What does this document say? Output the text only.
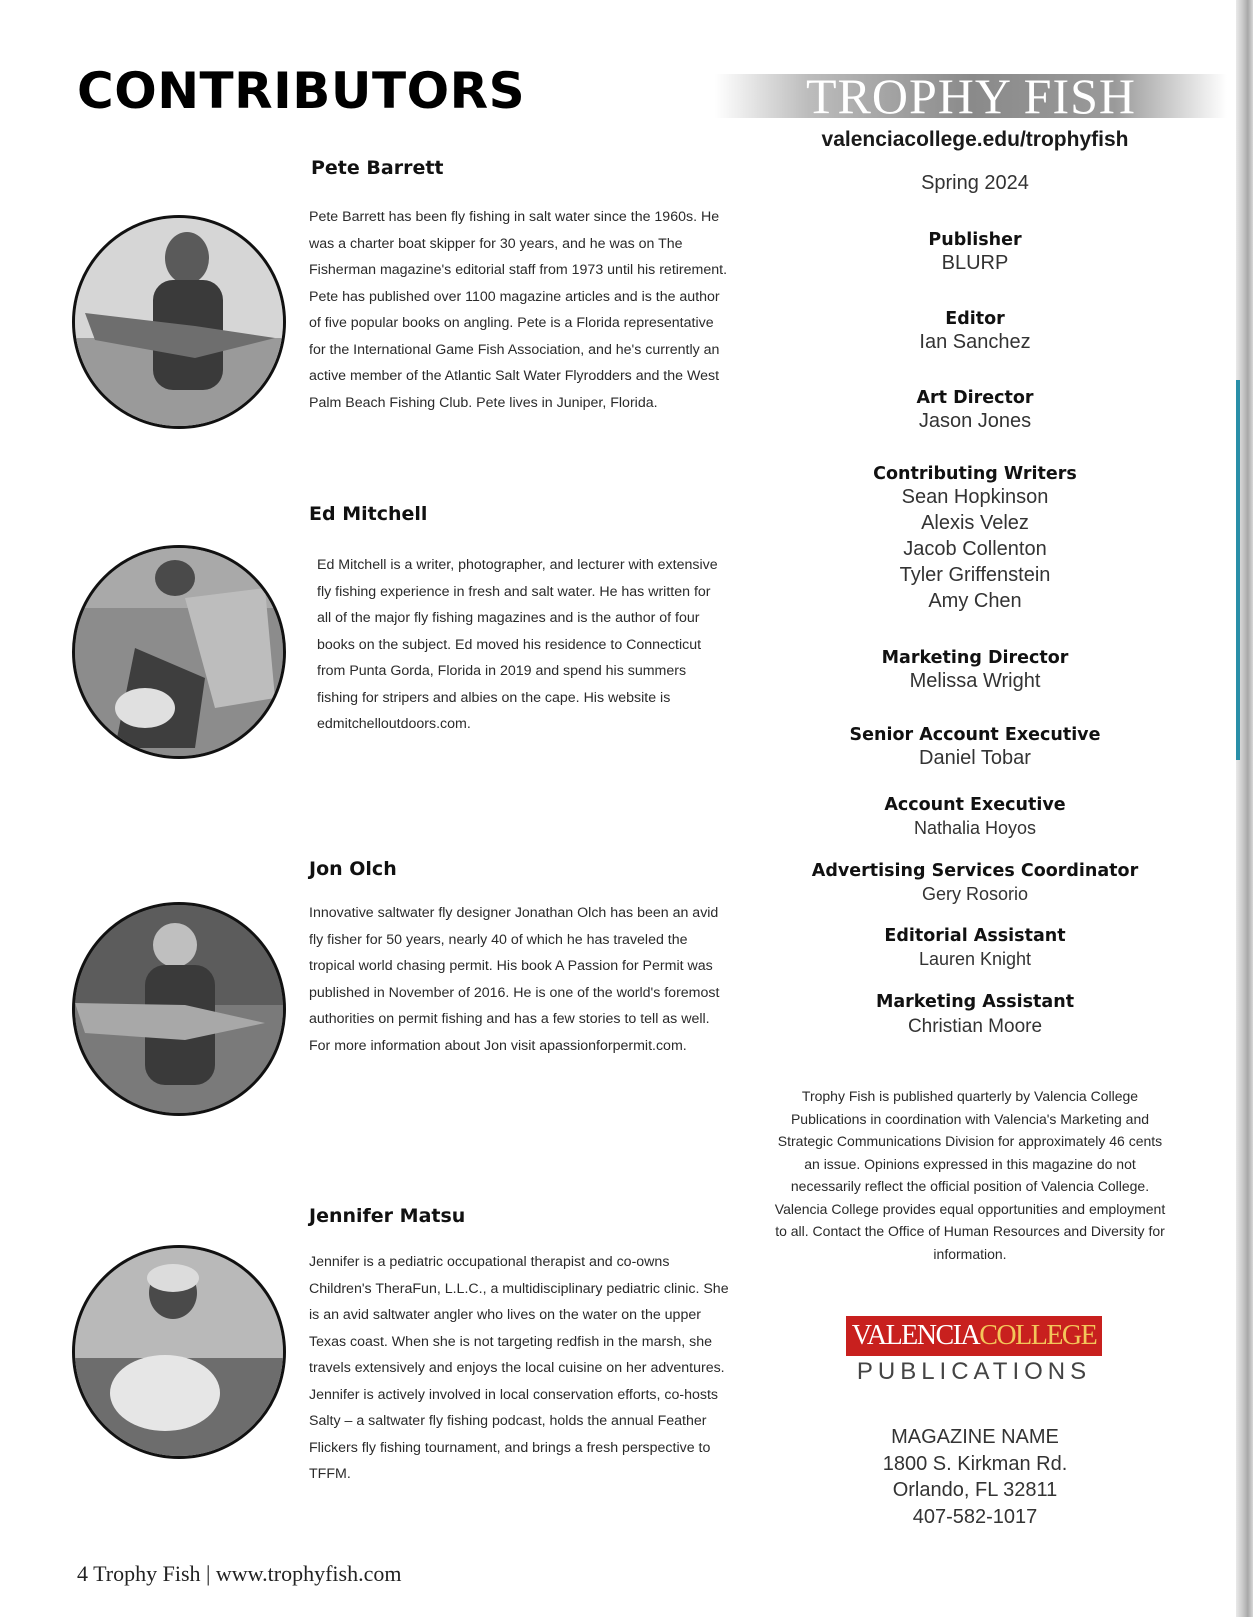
CONTRIBUTORS	TROPHY FISH
valenciacollege.edu/trophyfish
Pete Barrett
Pete Barrett has been fly fishing in salt water since the 1960s. He was a charter boat skipper for 30 years, and he was on The Fisherman magazine's editorial staff from 1973 until his retirement. Pete has published over 1100 magazine articles and is the author of five popular books on angling. Pete is a Florida representative for the International Game Fish Association, and he's currently an active member of the Atlantic Salt Water Flyrodders and the West Palm Beach Fishing Club. Pete lives in Juniper, Florida.
Ed Mitchell
Ed Mitchell is a writer, photographer, and lecturer with extensive fly fishing experience in fresh and salt water. He has written for all of the major fly fishing magazines and is the author of four books on the subject. Ed moved his residence to Connecticut from Punta Gorda, Florida in 2019 and spend his summers fishing for stripers and albies on the cape. His website is edmitchelloutdoors.com.
Jon Olch
Innovative saltwater fly designer Jonathan Olch has been an avid fly fisher for 50 years, nearly 40 of which he has traveled the tropical world chasing permit. His book A Passion for Permit was published in November of 2016. He is one of the world's foremost authorities on permit fishing and has a few stories to tell as well. For more information about Jon visit apassionforpermit.com.
Jennifer Matsu
Jennifer is a pediatric occupational therapist and co-owns Children's TheraFun, L.L.C., a multidisciplinary pediatric clinic. She is an avid saltwater angler who lives on the water on the upper Texas coast. When she is not targeting redfish in the marsh, she travels extensively and enjoys the local cuisine on her adventures. Jennifer is actively involved in local conservation efforts, co-hosts Salty – a saltwater fly fishing podcast, holds the annual Feather Flickers fly fishing tournament, and brings a fresh perspective to TFFM.
Spring 2024
Publisher
BLURP
Editor
Ian Sanchez
Art Director
Jason Jones
Contributing Writers
Sean Hopkinson
Alexis Velez
Jacob Collenton
Tyler Griffenstein
Amy Chen
Marketing Director
Melissa Wright
Senior Account Executive
Daniel Tobar
Account Executive
Nathalia Hoyos
Advertising Services Coordinator
Gery Rosorio
Editorial Assistant
Lauren Knight
Marketing Assistant
Christian Moore
Trophy Fish is published quarterly by Valencia College Publications in coordination with Valencia's Marketing and Strategic Communications Division for approximately 46 cents an issue. Opinions expressed in this magazine do not necessarily reflect the official position of Valencia College. Valencia College provides equal opportunities and employment to all. Contact the Office of Human Resources and Diversity for information.
VALENCIACOLLEGE
PUBLICATIONS
MAGAZINE NAME
1800 S. Kirkman Rd.
Orlando, FL 32811
407-582-1017
4 Trophy Fish | www.trophyfish.com
